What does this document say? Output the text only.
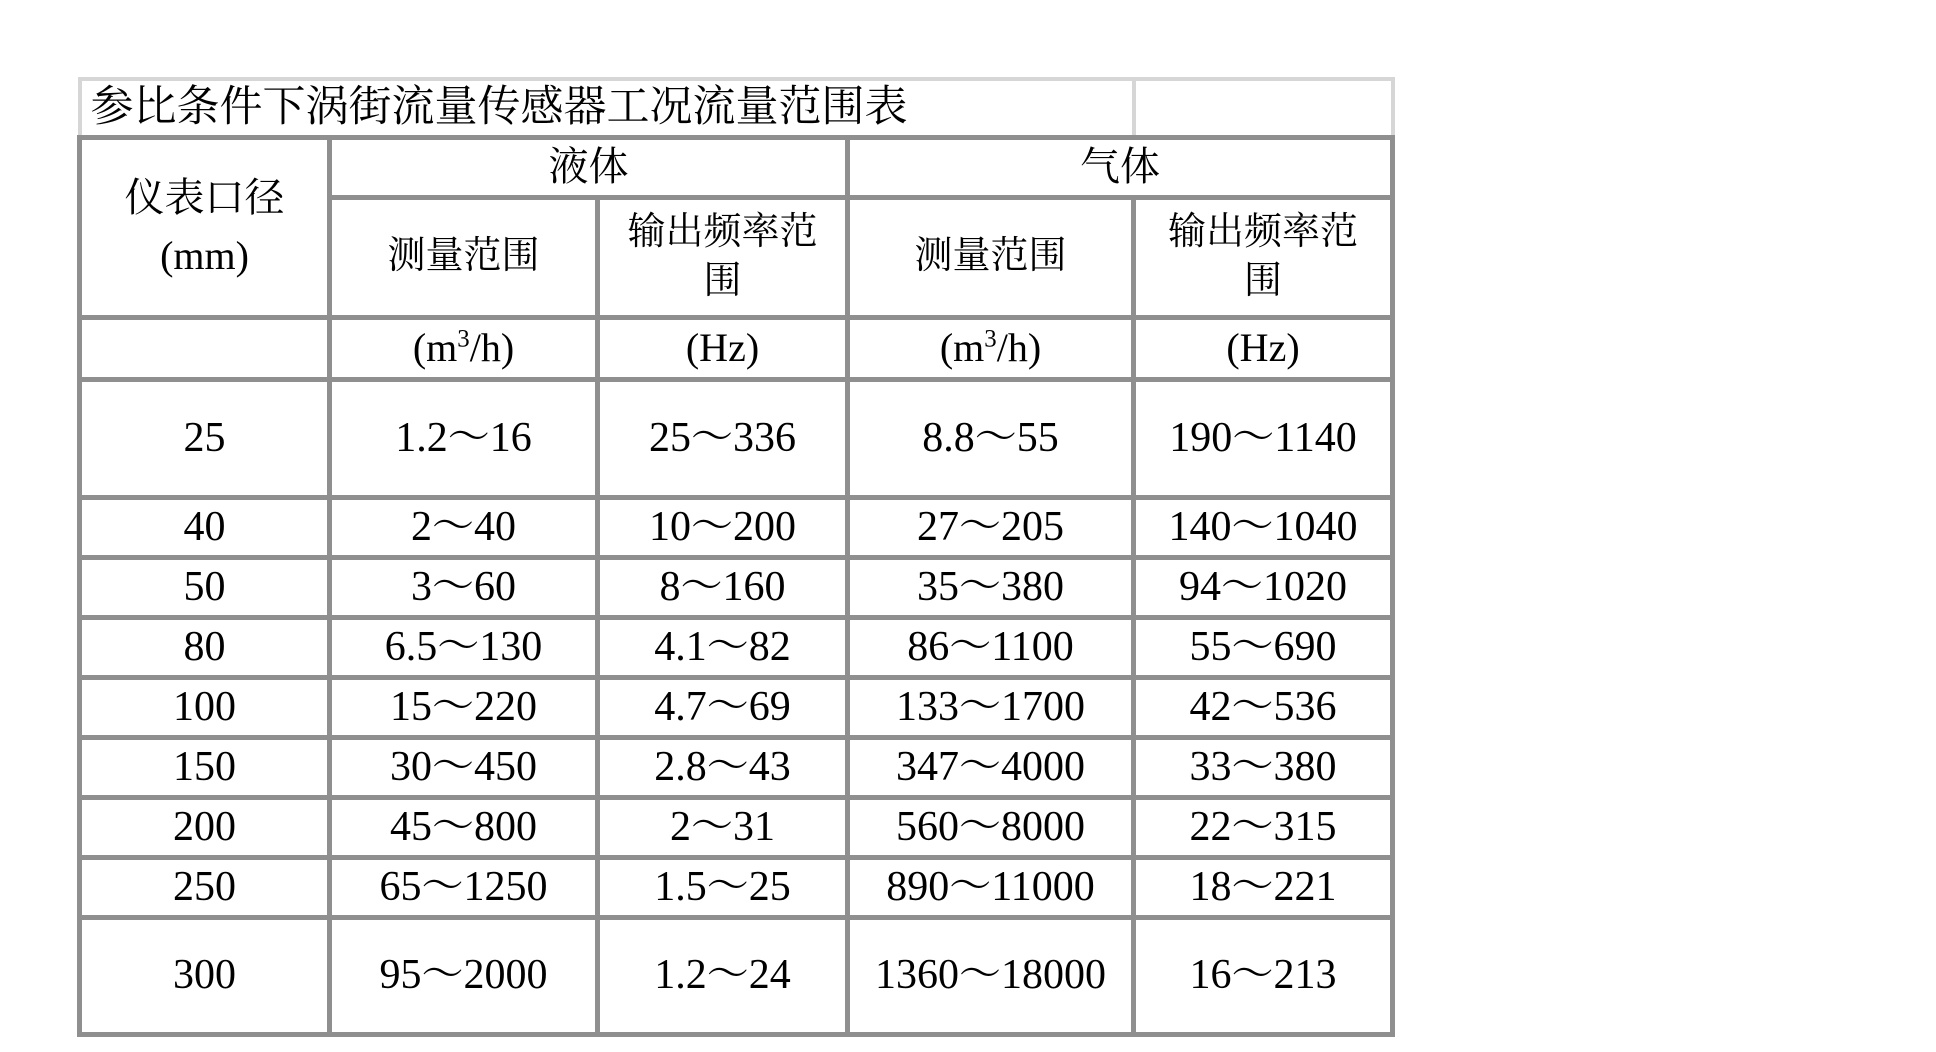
参比条件下涡街流量传感器工况流量范围表				

仪表口径
(mm)	液体		气体	
	测量范围	输出频率范围	测量范围	输出频率范围

	$(m^3/h)$	(Hz)	$(m^3/h)$	(Hz)
25	1.2～16	25～336	8.8～55	190～1140
40	2～40	10～200	27～205	140～1040
50	3～60	8～160	35～380	94～1020
80	6.5～130	4.1～82	86～1100	55～690
100	15～220	4.7～69	133～1700	42～536
150	30～450	2.8～43	347～4000	33～380
200	45～800	2～31	560～8000	22～315
250	65～1250	1.5～25	890～11000	18～221
300	95～2000	1.2～24	1360～18000	16～213
